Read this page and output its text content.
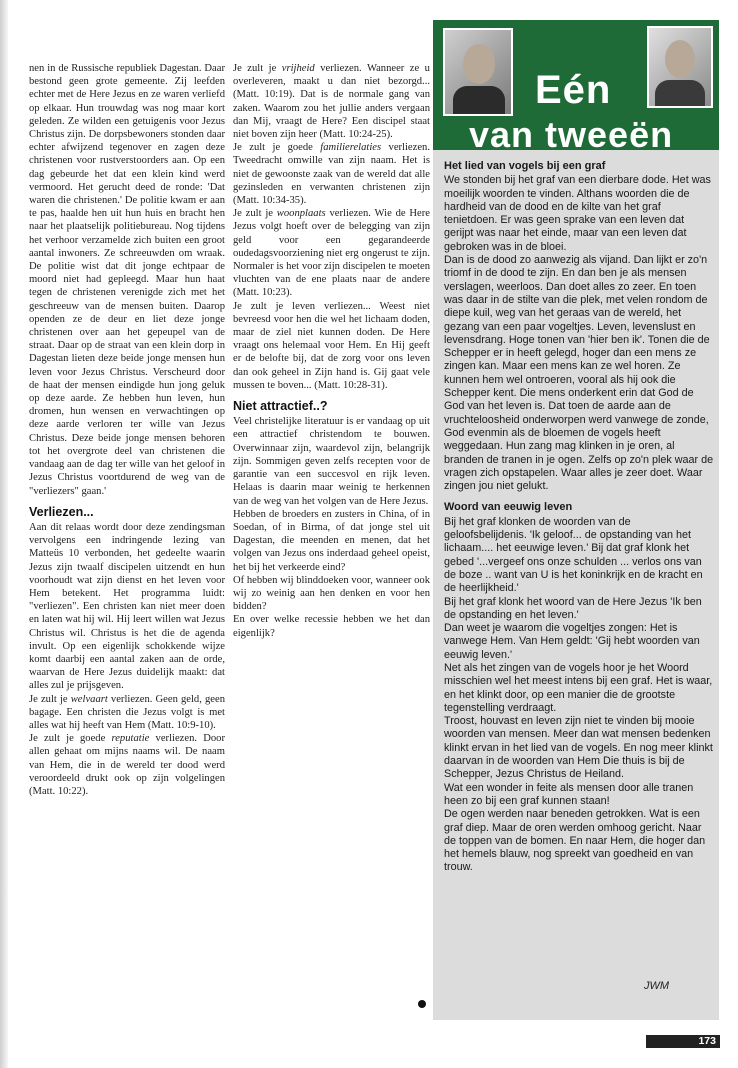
nen in de Russische republiek Dagestan. Daar bestond geen grote gemeente. Zij leefden echter met de Here Jezus en ze waren verliefd op elkaar. Hun trouwdag was nog maar kort geleden. Ze wilden een getuigenis voor Jezus Christus zijn. De dorpsbewoners stonden daar echter afwijzend tegenover en zagen deze christenen voor rustverstoorders aan. Op een dag gebeurde het dat een klein kind werd vermoord. Het gerucht deed de ronde: 'Dat waren die christenen.' De politie kwam er aan te pas, haalde hen uit hun huis en bracht hen naar het plaatselijk politiebureau. Nog tijdens het verhoor verzamelde zich buiten een groot aantal inwoners. Ze schreeuwden om wraak. De politie wist dat dit jonge echtpaar de moord niet had gepleegd. Maar hun haat tegen de christenen verenigde zich met het geschreeuw van de mensen buiten. Daarop openden ze de deur en liet deze jonge christenen over aan het gepeupel van de straat. Daar op de straat van een klein dorp in Dagestan lieten deze beide jonge mensen hun leven voor Jezus Christus. Verscheurd door de haat der mensen eindigde hun jong geluk op deze aarde. Ze hebben hun leven, hun dromen, hun wensen en verwachtingen op deze aarde verloren ter wille van Jezus Christus. Deze beide jonge mensen behoren tot het overgrote deel van christenen die vandaag aan de dag ter wille van het geloof in Jezus Christus voortdurend de weg van de "verliezers" gaan.'

Verliezen...

Aan dit relaas wordt door deze zendingsman vervolgens een indringende lezing van Matteüs 10 verbonden, het gedeelte waarin Jezus zijn twaalf discipelen uitzendt en hun voorhoudt wat zijn dienst en het leven voor Hem betekent. Het programma luidt: "verliezen". Een christen kan niet meer doen en laten wat hij wil. Hij leert willen wat Jezus Christus wil. Christus is het die de agenda invult. Op een eigenlijk schokkende wijze komt daarbij een aantal zaken aan de orde, waarvan de Here Jezus duidelijk maakt: dat alles zul je prijsgeven.

Je zult je welvaart verliezen. Geen geld, geen bagage. Een christen die Jezus volgt is met alles wat hij heeft van Hem (Matt. 10:9-10).

Je zult je goede reputatie verliezen. Door allen gehaat om mijns naams wil. De naam van Hem, die in de wereld ter dood werd veroordeeld drukt ook op zijn volgelingen (Matt. 10:22).

Je zult je vrijheid verliezen. Wanneer ze u overleveren, maakt u dan niet bezorgd... (Matt. 10:19). Dat is de normale gang van zaken. Waarom zou het jullie anders vergaan dan Mij, vraagt de Here? Een discipel staat niet boven zijn heer (Matt. 10:24-25).

Je zult je goede familierelaties verliezen. Tweedracht omwille van zijn naam. Het is niet de gewoonste zaak van de wereld dat alle gezinsleden en verwanten christenen zijn (Matt. 10:34-35).

Je zult je woonplaats verliezen. Wie de Here Jezus volgt hoeft over de belegging van zijn geld voor een gegarandeerde oudedagsvoorziening niet erg ongerust te zijn. Normaler is het voor zijn discipelen te moeten vluchten van de ene plaats naar de andere (Matt. 10:23).

Je zult je leven verliezen... Weest niet bevreesd voor hen die wel het lichaam doden, maar de ziel niet kunnen doden. De Here vraagt ons helemaal voor Hem. En Hij geeft er de belofte bij, dat de zorg voor ons leven dan ook geheel in Zijn hand is. Gij gaat vele mussen te boven... (Matt. 10:28-31).

Niet attractief..?

Veel christelijke literatuur is er vandaag op uit een attractief christendom te bouwen. Overwinnaar zijn, waardevol zijn, belangrijk zijn. Sommigen geven zelfs recepten voor de garantie van een succesvol en rijk leven. Helaas is daarin maar weinig te herkennen van de weg van het volgen van de Here Jezus.

Hebben de broeders en zusters in China, of in Soedan, of in Birma, of dat jonge stel uit Dagestan, die meenden en menen, dat het volgen van Jezus ons inderdaad geheel opeist, het bij het verkeerde eind?

Of hebben wij blinddoeken voor, wanneer ook wij zo weinig aan hen denken en voor hen bidden?

En over welke recessie hebben we het dan eigenlijk?

Eén
van tweeën
Het lied van vogels bij een graf

We stonden bij het graf van een dierbare dode. Het was moeilijk woorden te vinden. Althans woorden die de hardheid van de dood en de kilte van het graf tenietdoen. Er was geen sprake van een leven dat gerijpt was naar het einde, maar van een leven dat gebroken was in de bloei.

Dan is de dood zo aanwezig als vijand. Dan lijkt er zo'n triomf in de dood te zijn. En dan ben je als mensen verslagen, weerloos. Dan doet alles zo zeer. En toen was daar in de stilte van die plek, met velen rondom de diepe kuil, weg van het geraas van de wereld, het gezang van een paar vogeltjes. Leven, levenslust en levensdrang. Hoge tonen van 'hier ben ik'. Tonen die de Schepper er in heeft gelegd, hoger dan een mens ze zingen kan. Maar een mens kan ze wel horen. Ze kunnen hem wel ontroeren, vooral als hij ook die Schepper kent. Die mens onderkent erin dat God de God van het leven is. Dat toen de aarde aan de vruchteloosheid onderworpen werd vanwege de zonde, God evenmin als de bloemen de vogels heeft weggedaan. Hun zang mag klinken in je oren, al branden de tranen in je ogen. Zelfs op zo'n plek waar de vragen zich opstapelen. Waar alles je zeer doet. Waar zingen jou niet gelukt.

Woord van eeuwig leven

Bij het graf klonken de woorden van de geloofsbelijdenis. 'Ik geloof... de opstanding van het lichaam.... het eeuwige leven.' Bij dat graf klonk het gebed '...vergeef ons onze schulden ... verlos ons van de boze .. want van U is het koninkrijk en de kracht en de heerlijkheid.'

Bij het graf klonk het woord van de Here Jezus 'Ik ben de opstanding en het leven.'

Dan weet je waarom die vogeltjes zongen: Het is vanwege Hem. Van Hem geldt: 'Gij hebt woorden van eeuwig leven.'

Net als het zingen van de vogels hoor je het Woord misschien wel het meest intens bij een graf. Het is waar, en het klinkt door, op een manier die de grootste tegenstelling verdraagt.

Troost, houvast en leven zijn niet te vinden bij mooie woorden van mensen. Meer dan wat mensen bedenken klinkt ervan in het lied van de vogels. En nog meer klinkt daarvan in de woorden van Hem Die thuis is bij de Schepper, Jezus Christus de Heiland.

Wat een wonder in feite als mensen door alle tranen heen zo bij een graf kunnen staan!

De ogen werden naar beneden getrokken. Wat is een graf diep. Maar de oren werden omhoog gericht. Naar de toppen van de bomen. En naar Hem, die hoger dan het hemels blauw, nog spreekt van goedheid en van trouw.

JWM
173
